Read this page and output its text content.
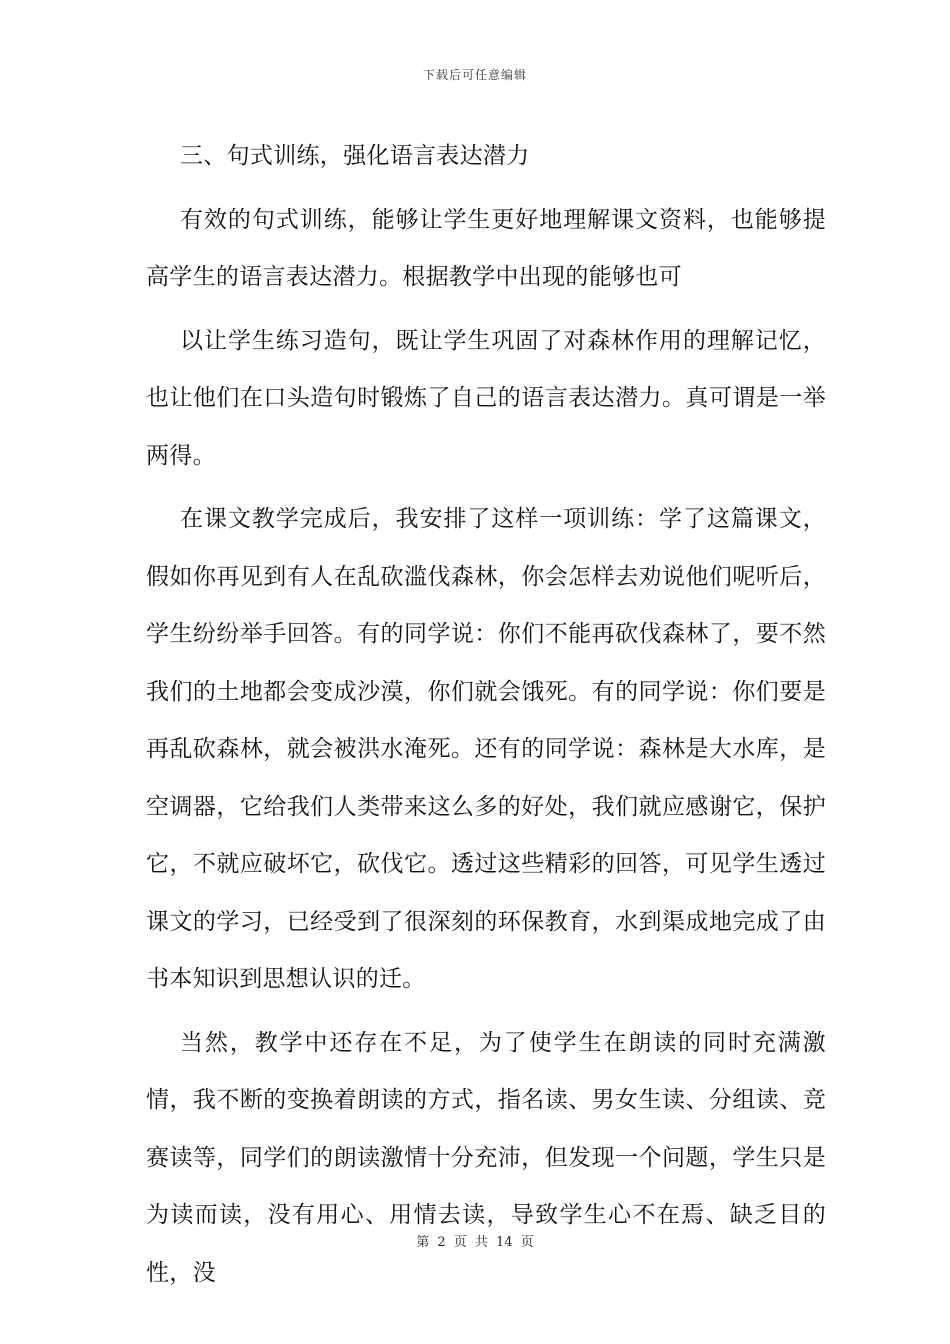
下载后可任意编辑

三、句式训练，强化语言表达潜力

有效的句式训练，能够让学生更好地理解课文资料，也能够提高学生的语言表达潜力。根据教学中出现的能够也可

以让学生练习造句，既让学生巩固了对森林作用的理解记忆，也让他们在口头造句时锻炼了自己的语言表达潜力。真可谓是一举两得。

在课文教学完成后，我安排了这样一项训练：学了这篇课文，假如你再见到有人在乱砍滥伐森林，你会怎样去劝说他们呢听后，学生纷纷举手回答。有的同学说：你们不能再砍伐森林了，要不然我们的土地都会变成沙漠，你们就会饿死。有的同学说：你们要是再乱砍森林，就会被洪水淹死。还有的同学说：森林是大水库，是空调器，它给我们人类带来这么多的好处，我们就应感谢它，保护它，不就应破坏它，砍伐它。透过这些精彩的回答，可见学生透过课文的学习，已经受到了很深刻的环保教育，水到渠成地完成了由书本知识到思想认识的迁。

当然，教学中还存在不足，为了使学生在朗读的同时充满激情，我不断的变换着朗读的方式，指名读、男女生读、分组读、竞赛读等，同学们的朗读激情十分充沛，但发现一个问题，学生只是为读而读，没有用心、用情去读，导致学生心不在焉、缺乏目的性，没

第 2 页 共 14 页
